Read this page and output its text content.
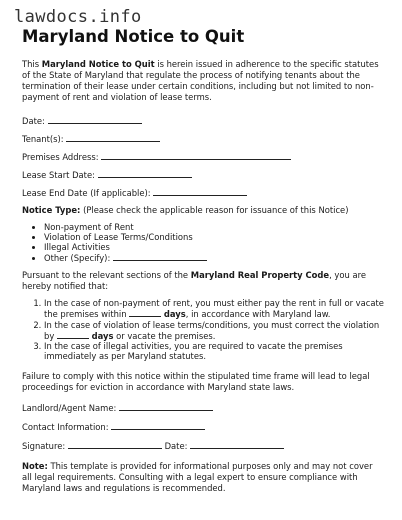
lawdocs.info
Maryland Notice to Quit

This Maryland Notice to Quit is herein issued in adherence to the specific statutes of the State of Maryland that regulate the process of notifying tenants about the termination of their lease under certain conditions, including but not limited to non-payment of rent and violation of lease terms.

Date:

Tenant(s):

Premises Address:

Lease Start Date:

Lease End Date (If applicable):

Notice Type: (Please check the applicable reason for issuance of this Notice)

• Non-payment of Rent
• Violation of Lease Terms/Conditions
• Illegal Activities
• Other (Specify):

Pursuant to the relevant sections of the Maryland Real Property Code, you are hereby notified that:

1. In the case of non-payment of rent, you must either pay the rent in full or vacate the premises within	days, in accordance with Maryland law.
2. In the case of violation of lease terms/conditions, you must correct the violation by	days or vacate the premises.
3. In the case of illegal activities, you are required to vacate the premises immediately as per Maryland statutes.

Failure to comply with this notice within the stipulated time frame will lead to legal proceedings for eviction in accordance with Maryland state laws.

Landlord/Agent Name:

Contact Information:

Signature:	Date:

Note: This template is provided for informational purposes only and may not cover all legal requirements. Consulting with a legal expert to ensure compliance with Maryland laws and regulations is recommended.
